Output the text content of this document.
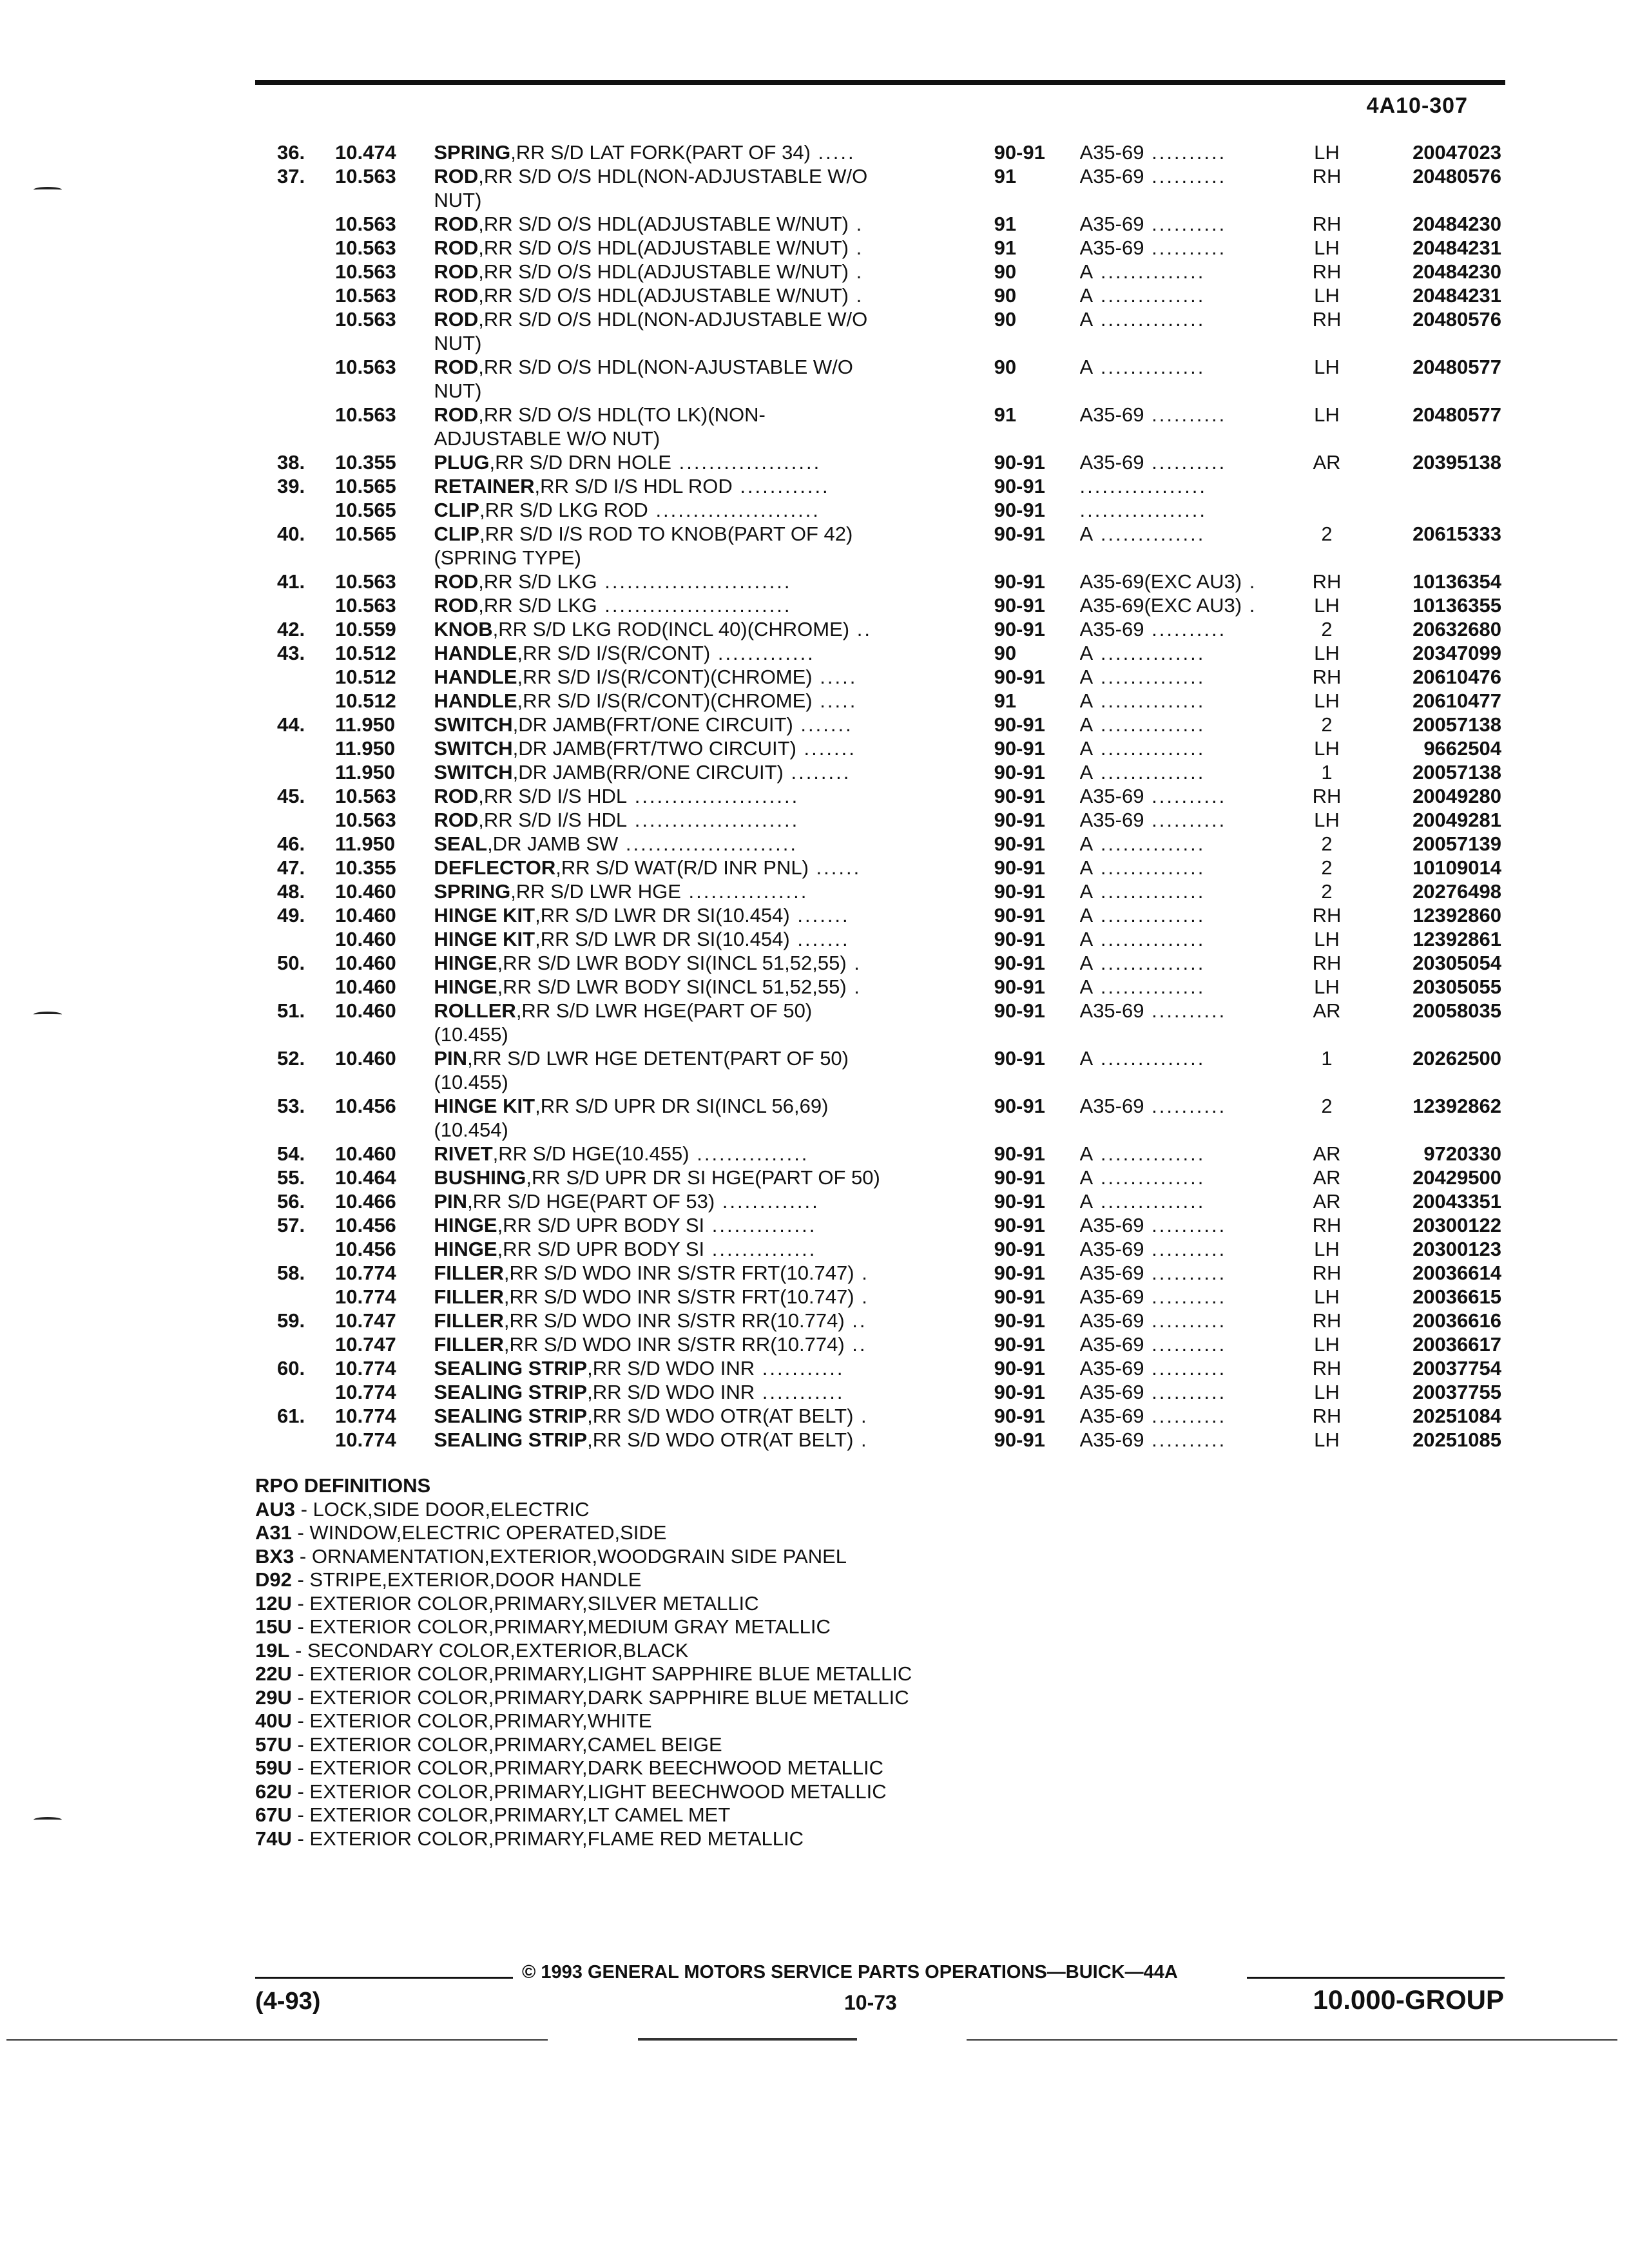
4A10-307
36.	10.474	SPRING,RR S/D LAT FORK(PART OF 34) .....	90-91	A35-69 ..........	LH	20047023
37.	10.563	ROD,RR S/D O/S HDL(NON-ADJUSTABLE W/O	91	A35-69 ..........	RH	20480576
		NUT)				
	10.563	ROD,RR S/D O/S HDL(ADJUSTABLE W/NUT) .	91	A35-69 ..........	RH	20484230
	10.563	ROD,RR S/D O/S HDL(ADJUSTABLE W/NUT) .	91	A35-69 ..........	LH	20484231
	10.563	ROD,RR S/D O/S HDL(ADJUSTABLE W/NUT) .	90	A ..............	RH	20484230
	10.563	ROD,RR S/D O/S HDL(ADJUSTABLE W/NUT) .	90	A ..............	LH	20484231
	10.563	ROD,RR S/D O/S HDL(NON-ADJUSTABLE W/O	90	A ..............	RH	20480576
		NUT)				
	10.563	ROD,RR S/D O/S HDL(NON-AJUSTABLE W/O	90	A ..............	LH	20480577
		NUT)				
	10.563	ROD,RR S/D O/S HDL(TO LK)(NON-	91	A35-69 ..........	LH	20480577
		ADJUSTABLE W/O NUT)				
38.	10.355	PLUG,RR S/D DRN HOLE ...................	90-91	A35-69 ..........	AR	20395138
39.	10.565	RETAINER,RR S/D I/S HDL ROD ............	90-91	.................		
	10.565	CLIP,RR S/D LKG ROD ......................	90-91	.................		
40.	10.565	CLIP,RR S/D I/S ROD TO KNOB(PART OF 42)	90-91	A ..............	2	20615333
		(SPRING TYPE)				
41.	10.563	ROD,RR S/D LKG .........................	90-91	A35-69(EXC AU3) .	RH	10136354
	10.563	ROD,RR S/D LKG .........................	90-91	A35-69(EXC AU3) .	LH	10136355
42.	10.559	KNOB,RR S/D LKG ROD(INCL 40)(CHROME) ..	90-91	A35-69 ..........	2	20632680
43.	10.512	HANDLE,RR S/D I/S(R/CONT) .............	90	A ..............	LH	20347099
	10.512	HANDLE,RR S/D I/S(R/CONT)(CHROME) .....	90-91	A ..............	RH	20610476
	10.512	HANDLE,RR S/D I/S(R/CONT)(CHROME) .....	91	A ..............	LH	20610477
44.	11.950	SWITCH,DR JAMB(FRT/ONE CIRCUIT) .......	90-91	A ..............	2	20057138
	11.950	SWITCH,DR JAMB(FRT/TWO CIRCUIT) .......	90-91	A ..............	LH	9662504
	11.950	SWITCH,DR JAMB(RR/ONE CIRCUIT) ........	90-91	A ..............	1	20057138
45.	10.563	ROD,RR S/D I/S HDL ......................	90-91	A35-69 ..........	RH	20049280
	10.563	ROD,RR S/D I/S HDL ......................	90-91	A35-69 ..........	LH	20049281
46.	11.950	SEAL,DR JAMB SW .......................	90-91	A ..............	2	20057139
47.	10.355	DEFLECTOR,RR S/D WAT(R/D INR PNL) ......	90-91	A ..............	2	10109014
48.	10.460	SPRING,RR S/D LWR HGE ................	90-91	A ..............	2	20276498
49.	10.460	HINGE KIT,RR S/D LWR DR SI(10.454) .......	90-91	A ..............	RH	12392860
	10.460	HINGE KIT,RR S/D LWR DR SI(10.454) .......	90-91	A ..............	LH	12392861
50.	10.460	HINGE,RR S/D LWR BODY SI(INCL 51,52,55) .	90-91	A ..............	RH	20305054
	10.460	HINGE,RR S/D LWR BODY SI(INCL 51,52,55) .	90-91	A ..............	LH	20305055
51.	10.460	ROLLER,RR S/D LWR HGE(PART OF 50)	90-91	A35-69 ..........	AR	20058035
		(10.455)				
52.	10.460	PIN,RR S/D LWR HGE DETENT(PART OF 50)	90-91	A ..............	1	20262500
		(10.455)				
53.	10.456	HINGE KIT,RR S/D UPR DR SI(INCL 56,69)	90-91	A35-69 ..........	2	12392862
		(10.454)				
54.	10.460	RIVET,RR S/D HGE(10.455) ...............	90-91	A ..............	AR	9720330
55.	10.464	BUSHING,RR S/D UPR DR SI HGE(PART OF 50)	90-91	A ..............	AR	20429500
56.	10.466	PIN,RR S/D HGE(PART OF 53) .............	90-91	A ..............	AR	20043351
57.	10.456	HINGE,RR S/D UPR BODY SI ..............	90-91	A35-69 ..........	RH	20300122
	10.456	HINGE,RR S/D UPR BODY SI ..............	90-91	A35-69 ..........	LH	20300123
58.	10.774	FILLER,RR S/D WDO INR S/STR FRT(10.747) .	90-91	A35-69 ..........	RH	20036614
	10.774	FILLER,RR S/D WDO INR S/STR FRT(10.747) .	90-91	A35-69 ..........	LH	20036615
59.	10.747	FILLER,RR S/D WDO INR S/STR RR(10.774) ..	90-91	A35-69 ..........	RH	20036616
	10.747	FILLER,RR S/D WDO INR S/STR RR(10.774) ..	90-91	A35-69 ..........	LH	20036617
60.	10.774	SEALING STRIP,RR S/D WDO INR ...........	90-91	A35-69 ..........	RH	20037754
	10.774	SEALING STRIP,RR S/D WDO INR ...........	90-91	A35-69 ..........	LH	20037755
61.	10.774	SEALING STRIP,RR S/D WDO OTR(AT BELT) .	90-91	A35-69 ..........	RH	20251084
	10.774	SEALING STRIP,RR S/D WDO OTR(AT BELT) .	90-91	A35-69 ..........	LH	20251085
RPO DEFINITIONS
AU3 - LOCK,SIDE DOOR,ELECTRIC
A31 - WINDOW,ELECTRIC OPERATED,SIDE
BX3 - ORNAMENTATION,EXTERIOR,WOODGRAIN SIDE PANEL
D92 - STRIPE,EXTERIOR,DOOR HANDLE
12U - EXTERIOR COLOR,PRIMARY,SILVER METALLIC
15U - EXTERIOR COLOR,PRIMARY,MEDIUM GRAY METALLIC
19L - SECONDARY COLOR,EXTERIOR,BLACK
22U - EXTERIOR COLOR,PRIMARY,LIGHT SAPPHIRE BLUE METALLIC
29U - EXTERIOR COLOR,PRIMARY,DARK SAPPHIRE BLUE METALLIC
40U - EXTERIOR COLOR,PRIMARY,WHITE
57U - EXTERIOR COLOR,PRIMARY,CAMEL BEIGE
59U - EXTERIOR COLOR,PRIMARY,DARK BEECHWOOD METALLIC
62U - EXTERIOR COLOR,PRIMARY,LIGHT BEECHWOOD METALLIC
67U - EXTERIOR COLOR,PRIMARY,LT CAMEL MET
74U - EXTERIOR COLOR,PRIMARY,FLAME RED METALLIC
© 1993 GENERAL MOTORS SERVICE PARTS OPERATIONS—BUICK—44A
(4-93)	10-73	10.000-GROUP
